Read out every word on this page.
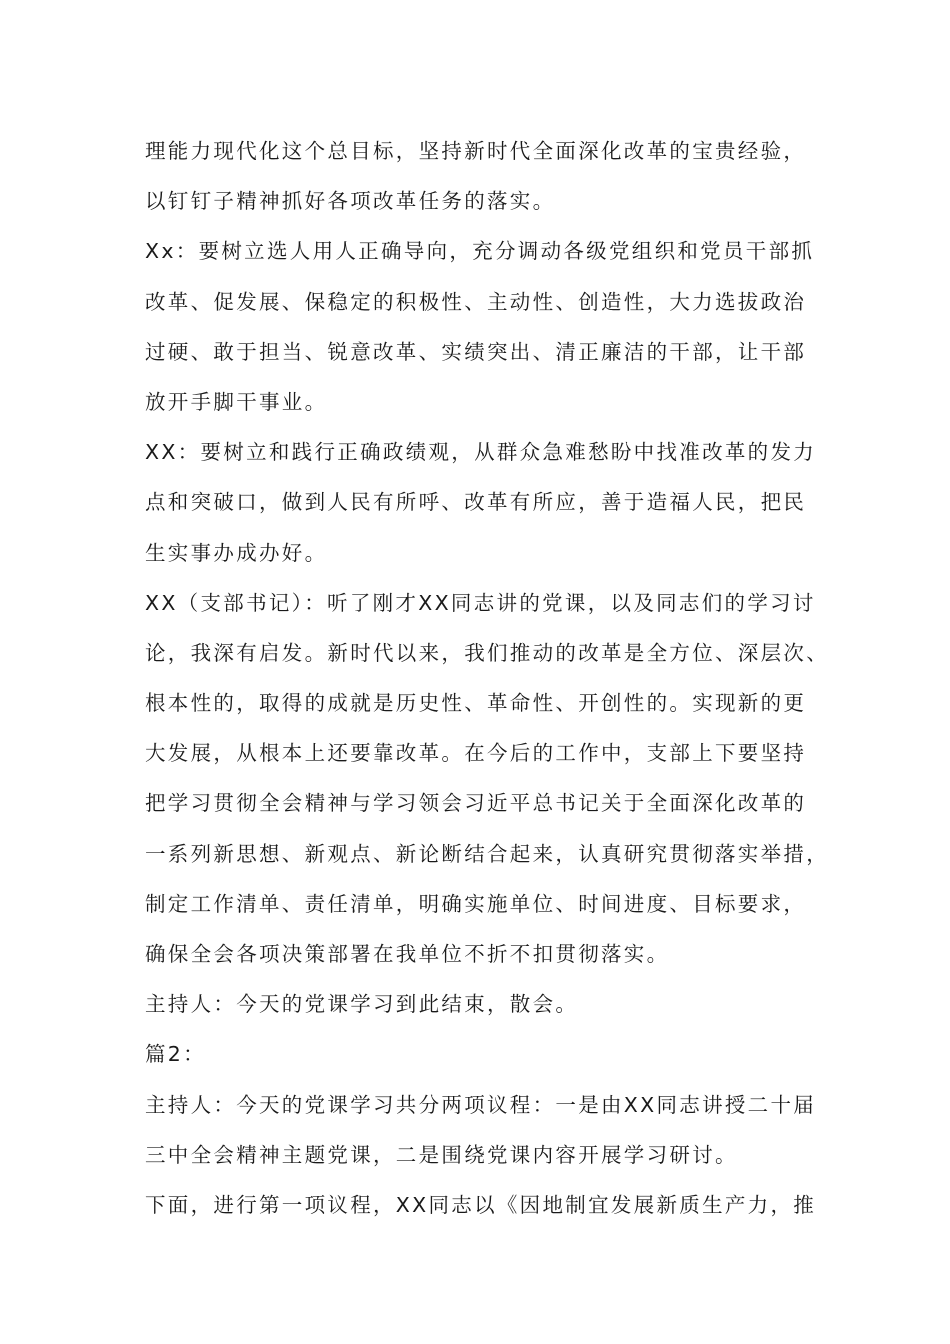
理能力现代化这个总目标，坚持新时代全面深化改革的宝贵经验，
以钉钉子精神抓好各项改革任务的落实。
Xx：要树立选人用人正确导向，充分调动各级党组织和党员干部抓
改革、促发展、保稳定的积极性、主动性、创造性，大力选拔政治
过硬、敢于担当、锐意改革、实绩突出、清正廉洁的干部，让干部
放开手脚干事业。
XX：要树立和践行正确政绩观，从群众急难愁盼中找准改革的发力
点和突破口，做到人民有所呼、改革有所应，善于造福人民，把民
生实事办成办好。
XX（支部书记）：听了刚才XX同志讲的党课，以及同志们的学习讨
论，我深有启发。新时代以来，我们推动的改革是全方位、深层次、
根本性的，取得的成就是历史性、革命性、开创性的。实现新的更
大发展，从根本上还要靠改革。在今后的工作中，支部上下要坚持
把学习贯彻全会精神与学习领会习近平总书记关于全面深化改革的
一系列新思想、新观点、新论断结合起来，认真研究贯彻落实举措，
制定工作清单、责任清单，明确实施单位、时间进度、目标要求，
确保全会各项决策部署在我单位不折不扣贯彻落实。
主持人：今天的党课学习到此结束，散会。
篇2：
主持人：今天的党课学习共分两项议程：一是由XX同志讲授二十届
三中全会精神主题党课，二是围绕党课内容开展学习研讨。
下面，进行第一项议程，XX同志以《因地制宜发展新质生产力，推
